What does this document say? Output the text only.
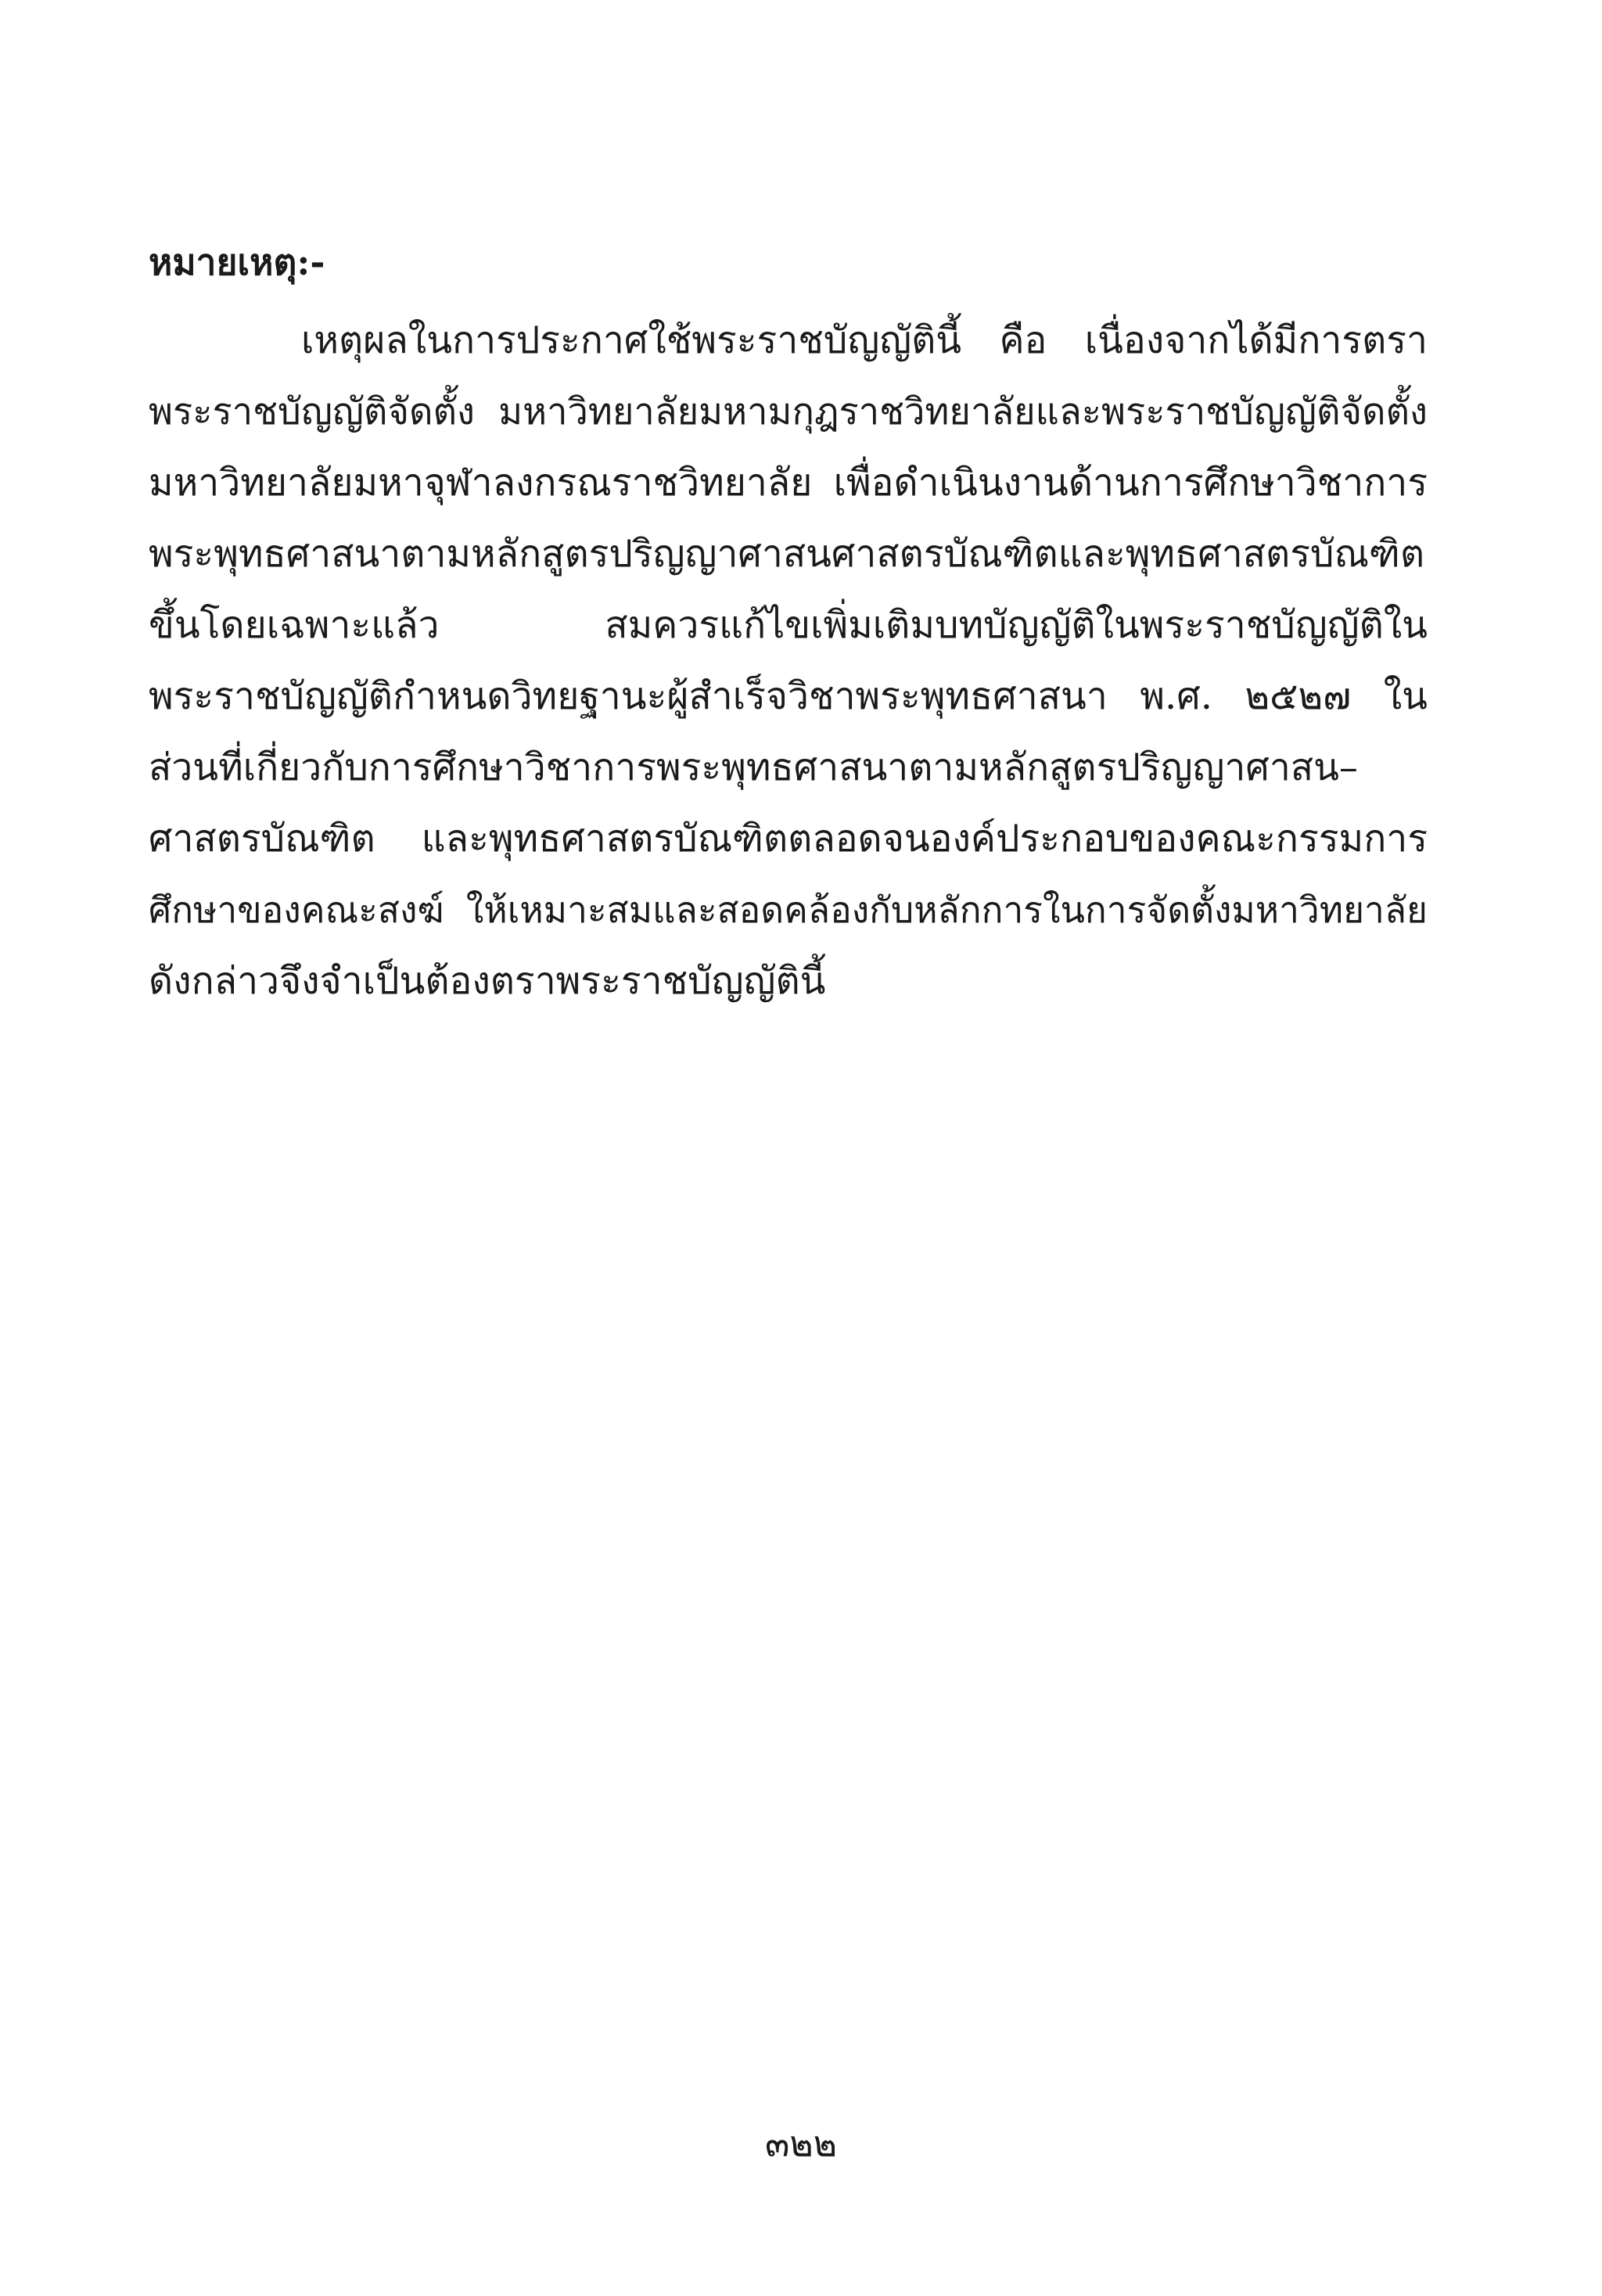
หมายเหตุ:-
เหตุผลในการประกาศใช้พระราชบัญญัตินี้ คือ เนื่องจากได้มีการตรา
พระราชบัญญัติจัดตั้ง มหาวิทยาลัยมหามกุฎราชวิทยาลัยและพระราชบัญญัติจัดตั้ง
มหาวิทยาลัยมหาจุฬาลงกรณราชวิทยาลัย เพื่อดำเนินงานด้านการศึกษาวิชาการ
พระพุทธศาสนาตามหลักสูตรปริญญาศาสนศาสตรบัณฑิตและพุทธศาสตรบัณฑิต
ขึ้นโดยเฉพาะแล้ว สมควรแก้ไขเพิ่มเติมบทบัญญัติในพระราชบัญญัติใน
พระราชบัญญัติกำหนดวิทยฐานะผู้สำเร็จวิชาพระพุทธศาสนา พ.ศ. ๒๕๒๗ ใน
ส่วนที่เกี่ยวกับการศึกษาวิชาการพระพุทธศาสนาตามหลักสูตรปริญญาศาสน–
ศาสตรบัณฑิต และพุทธศาสตรบัณฑิตตลอดจนองค์ประกอบของคณะกรรมการ
ศึกษาของคณะสงฆ์ ให้เหมาะสมและสอดคล้องกับหลักการในการจัดตั้งมหาวิทยาลัย
ดังกล่าวจึงจำเป็นต้องตราพระราชบัญญัตินี้
๓๒๒
